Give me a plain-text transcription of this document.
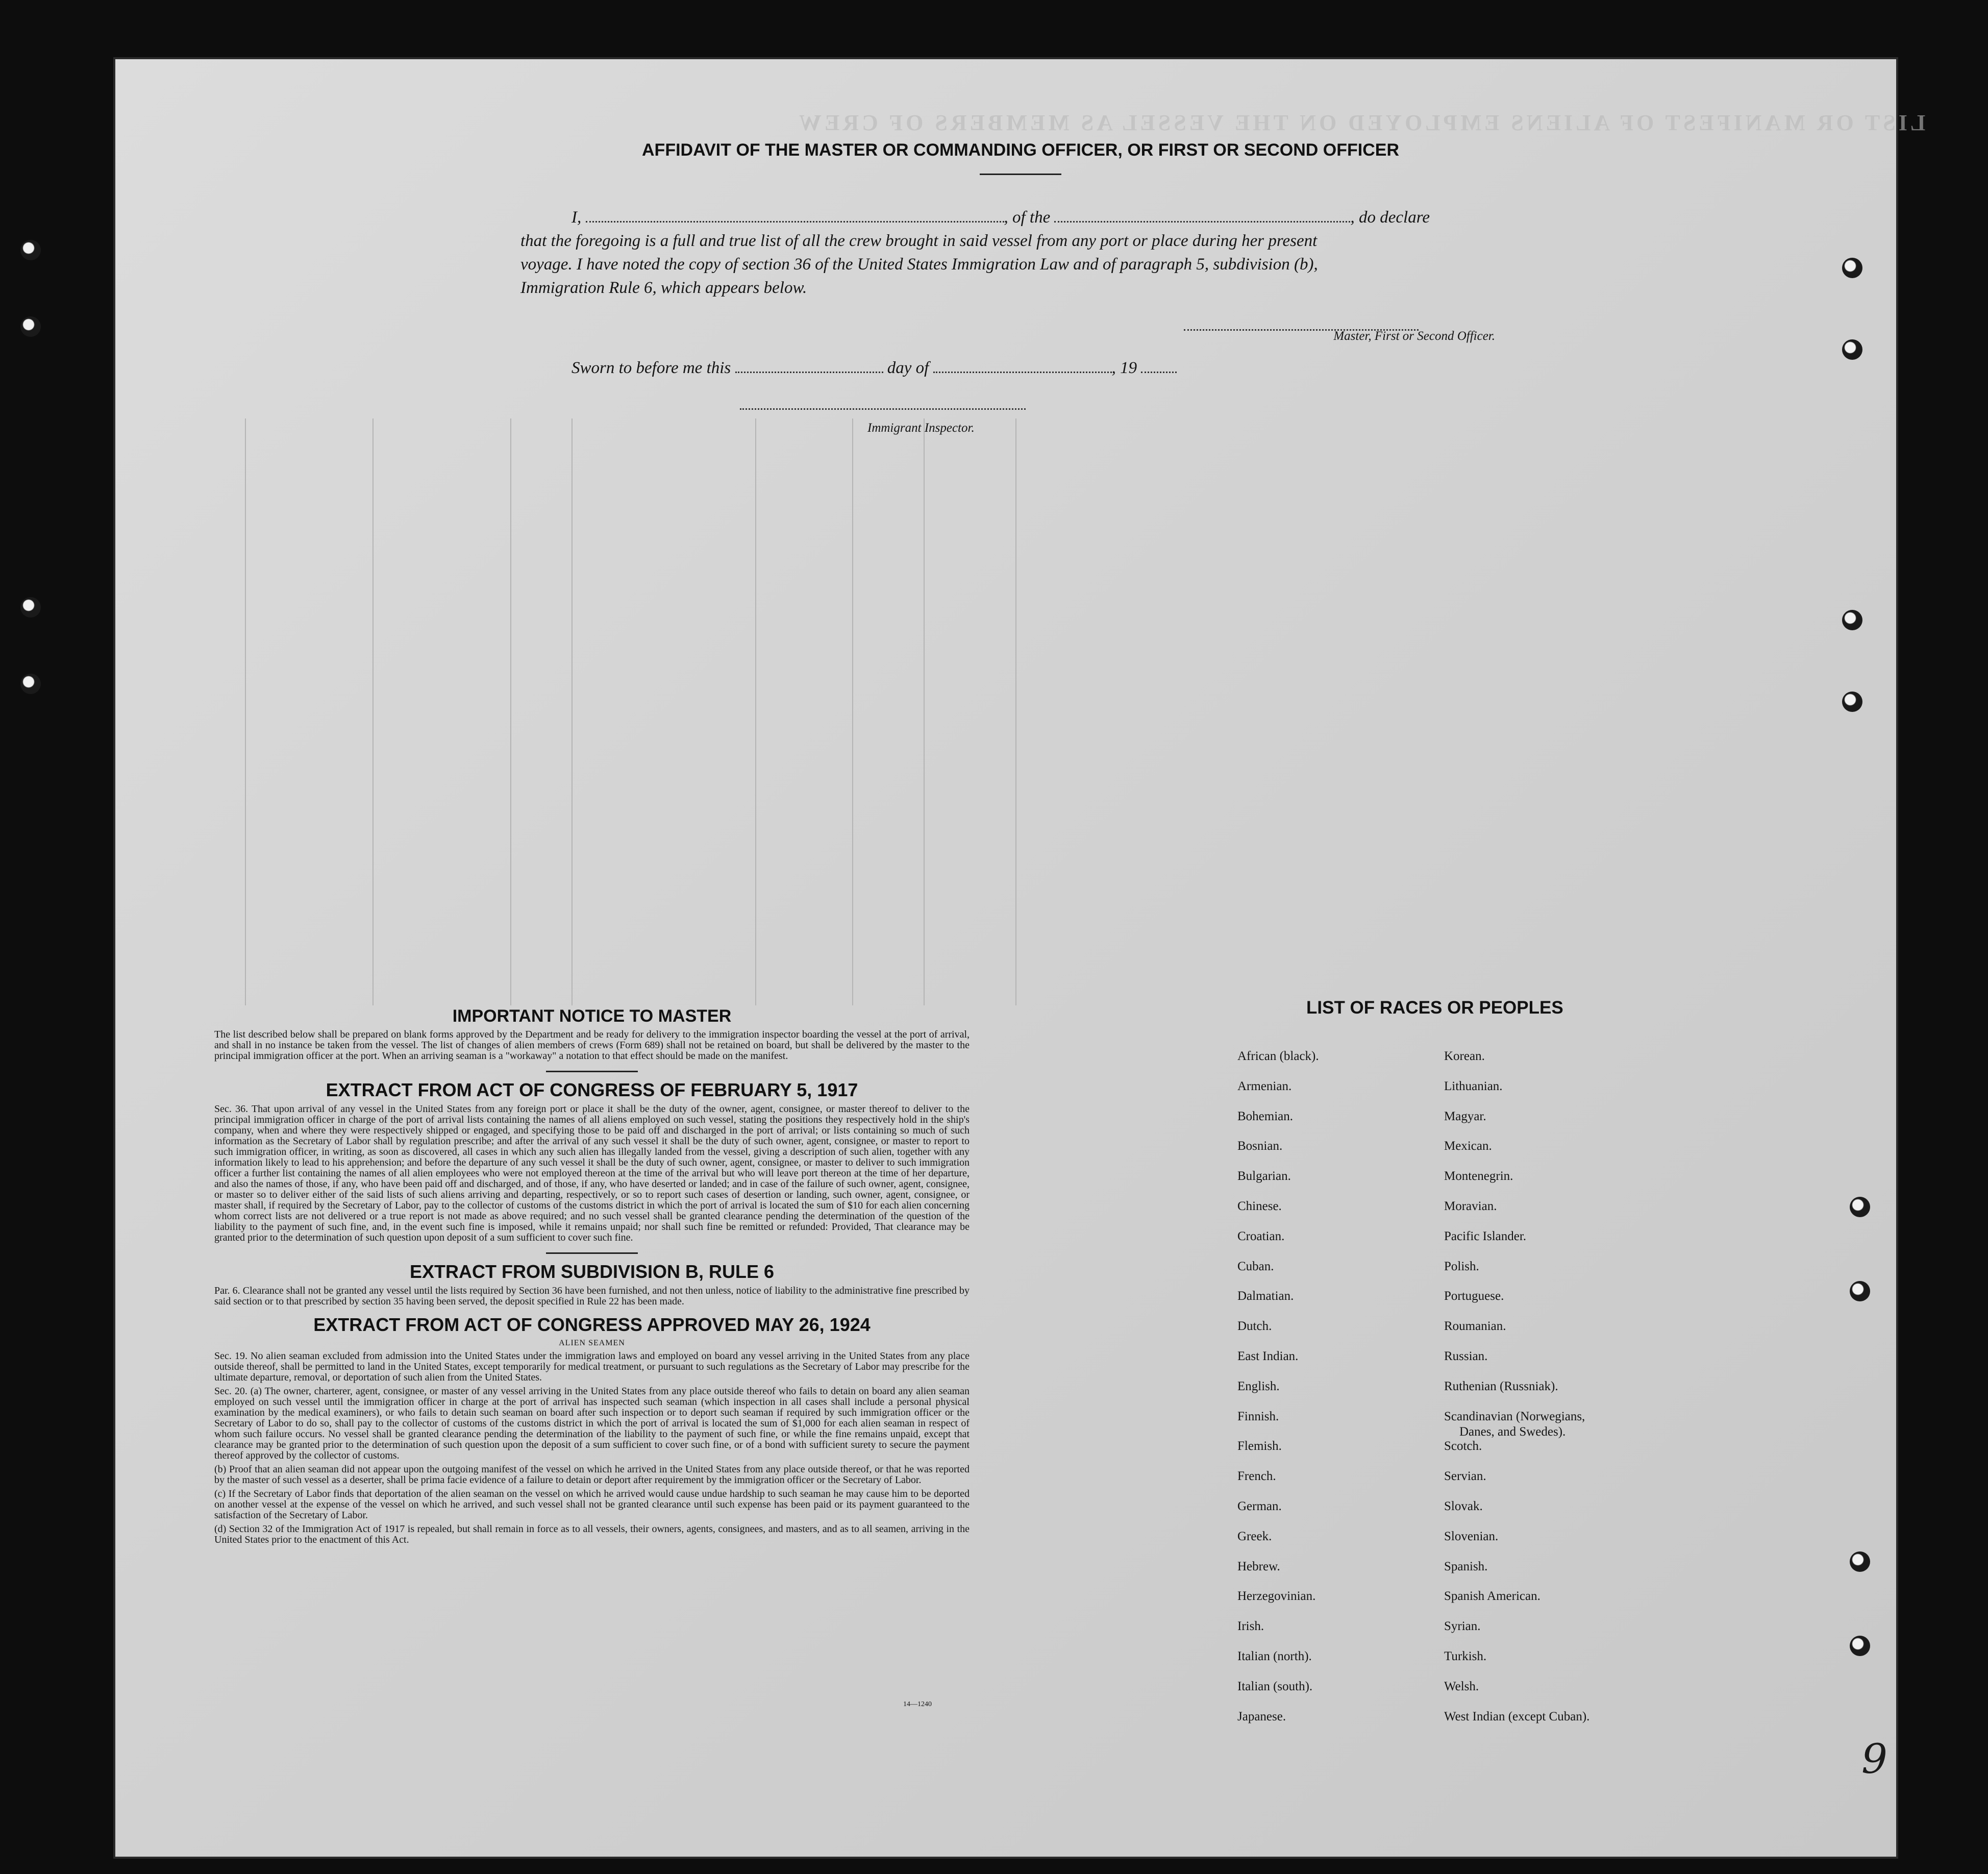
LIST OR MANIFEST OF ALIENS EMPLOYED ON THE VESSEL AS MEMBERS OF CREW
AFFIDAVIT OF THE MASTER OR COMMANDING OFFICER, OR FIRST OR SECOND OFFICER
I,	, of the	, do declare
that the foregoing is a full and true list of all the crew brought in said vessel from any port or place during her present
voyage. I have noted the copy of section 36 of the United States Immigration Law and of paragraph 5, subdivision (b),
Immigration Rule 6, which appears below.
Master, First or Second Officer.
Sworn to before me this	day of	, 19
Immigrant Inspector.
IMPORTANT NOTICE TO MASTER

The list described below shall be prepared on blank forms approved by the Department and be ready for delivery to the immigration inspector boarding the vessel at the port of arrival, and shall in no instance be taken from the vessel. The list of changes of alien members of crews (Form 689) shall not be retained on board, but shall be delivered by the master to the principal immigration officer at the port. When an arriving seaman is a "workaway" a notation to that effect should be made on the manifest.

EXTRACT FROM ACT OF CONGRESS OF FEBRUARY 5, 1917

Sec. 36. That upon arrival of any vessel in the United States from any foreign port or place it shall be the duty of the owner, agent, consignee, or master thereof to deliver to the principal immigration officer in charge of the port of arrival lists containing the names of all aliens employed on such vessel, stating the positions they respectively hold in the ship's company, when and where they were respectively shipped or engaged, and specifying those to be paid off and discharged in the port of arrival; or lists containing so much of such information as the Secretary of Labor shall by regulation prescribe; and after the arrival of any such vessel it shall be the duty of such owner, agent, consignee, or master to report to such immigration officer, in writing, as soon as discovered, all cases in which any such alien has illegally landed from the vessel, giving a description of such alien, together with any information likely to lead to his apprehension; and before the departure of any such vessel it shall be the duty of such owner, agent, consignee, or master to deliver to such immigration officer a further list containing the names of all alien employees who were not employed thereon at the time of the arrival but who will leave port thereon at the time of her departure, and also the names of those, if any, who have been paid off and discharged, and of those, if any, who have deserted or landed; and in case of the failure of such owner, agent, consignee, or master so to deliver either of the said lists of such aliens arriving and departing, respectively, or so to report such cases of desertion or landing, such owner, agent, consignee, or master shall, if required by the Secretary of Labor, pay to the collector of customs of the customs district in which the port of arrival is located the sum of $10 for each alien concerning whom correct lists are not delivered or a true report is not made as above required; and no such vessel shall be granted clearance pending the determination of the question of the liability to the payment of such fine, and, in the event such fine is imposed, while it remains unpaid; nor shall such fine be remitted or refunded: Provided, That clearance may be granted prior to the determination of such question upon deposit of a sum sufficient to cover such fine.

EXTRACT FROM SUBDIVISION B, RULE 6

Par. 6. Clearance shall not be granted any vessel until the lists required by Section 36 have been furnished, and not then unless, notice of liability to the administrative fine prescribed by said section or to that prescribed by section 35 having been served, the deposit specified in Rule 22 has been made.

EXTRACT FROM ACT OF CONGRESS APPROVED MAY 26, 1924
ALIEN SEAMEN

Sec. 19. No alien seaman excluded from admission into the United States under the immigration laws and employed on board any vessel arriving in the United States from any place outside thereof, shall be permitted to land in the United States, except temporarily for medical treatment, or pursuant to such regulations as the Secretary of Labor may prescribe for the ultimate departure, removal, or deportation of such alien from the United States.

Sec. 20. (a) The owner, charterer, agent, consignee, or master of any vessel arriving in the United States from any place outside thereof who fails to detain on board any alien seaman employed on such vessel until the immigration officer in charge at the port of arrival has inspected such seaman (which inspection in all cases shall include a personal physical examination by the medical examiners), or who fails to detain such seaman on board after such inspection or to deport such seaman if required by such immigration officer or the Secretary of Labor to do so, shall pay to the collector of customs of the customs district in which the port of arrival is located the sum of $1,000 for each alien seaman in respect of whom such failure occurs. No vessel shall be granted clearance pending the determination of the liability to the payment of such fine, or while the fine remains unpaid, except that clearance may be granted prior to the determination of such question upon the deposit of a sum sufficient to cover such fine, or of a bond with sufficient surety to secure the payment thereof approved by the collector of customs.

(b) Proof that an alien seaman did not appear upon the outgoing manifest of the vessel on which he arrived in the United States from any place outside thereof, or that he was reported by the master of such vessel as a deserter, shall be prima facie evidence of a failure to detain or deport after requirement by the immigration officer or the Secretary of Labor.

(c) If the Secretary of Labor finds that deportation of the alien seaman on the vessel on which he arrived would cause undue hardship to such seaman he may cause him to be deported on another vessel at the expense of the vessel on which he arrived, and such vessel shall not be granted clearance until such expense has been paid or its payment guaranteed to the satisfaction of the Secretary of Labor.

(d) Section 32 of the Immigration Act of 1917 is repealed, but shall remain in force as to all vessels, their owners, agents, consignees, and masters, and as to all seamen, arriving in the United States prior to the enactment of this Act.

14—1240
LIST OF RACES OR PEOPLES
African (black).
Armenian.
Bohemian.
Bosnian.
Bulgarian.
Chinese.
Croatian.
Cuban.
Dalmatian.
Dutch.
East Indian.
English.
Finnish.
Flemish.
French.
German.
Greek.
Hebrew.
Herzegovinian.
Irish.
Italian (north).
Italian (south).
Japanese.
Korean.
Lithuanian.
Magyar.
Mexican.
Montenegrin.
Moravian.
Pacific Islander.
Polish.
Portuguese.
Roumanian.
Russian.
Ruthenian (Russniak).
Scandinavian (Norwegians,
Danes, and Swedes).
Scotch.
Servian.
Slovak.
Slovenian.
Spanish.
Spanish American.
Syrian.
Turkish.
Welsh.
West Indian (except Cuban).
9
